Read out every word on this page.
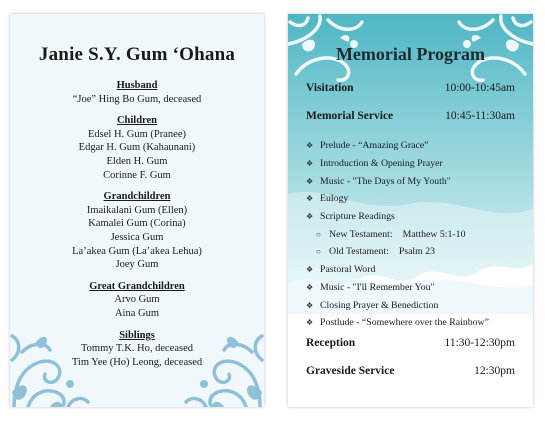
Janie S.Y. Gum ‘Ohana
Husband
“Joe” Hing Bo Gum, deceased
Children
Edsel H. Gum (Pranee)
Edgar H. Gum (Kahaunani)
Elden H. Gum
Corinne F. Gum
Grandchildren
Imaikalani Gum (Ellen)
Kamalei Gum (Corina)
Jessica Gum
La’akea Gum (La’akea Lehua)
Joey Gum
Great Grandchildren
Arvo Gum
Aina Gum
Siblings
Tommy T.K. Ho, deceased
Tim Yee (Ho) Leong, deceased
Memorial Program
Visitation	10:00-10:45am
Memorial Service	10:45-11:30am
❖ Prelude - “Amazing Grace”
❖ Introduction & Opening Prayer
❖ Music - "The Days of My Youth"
❖ Eulogy
❖ Scripture Readings
○ New Testament: Matthew 5:1-10
○ Old Testament: Psalm 23
❖ Pastoral Word
❖ Music - "I'll Remember You"
❖ Closing Prayer & Benediction
❖ Postlude - “Somewhere over the Rainbow”
Reception	11:30-12:30pm
Graveside Service	12:30pm
